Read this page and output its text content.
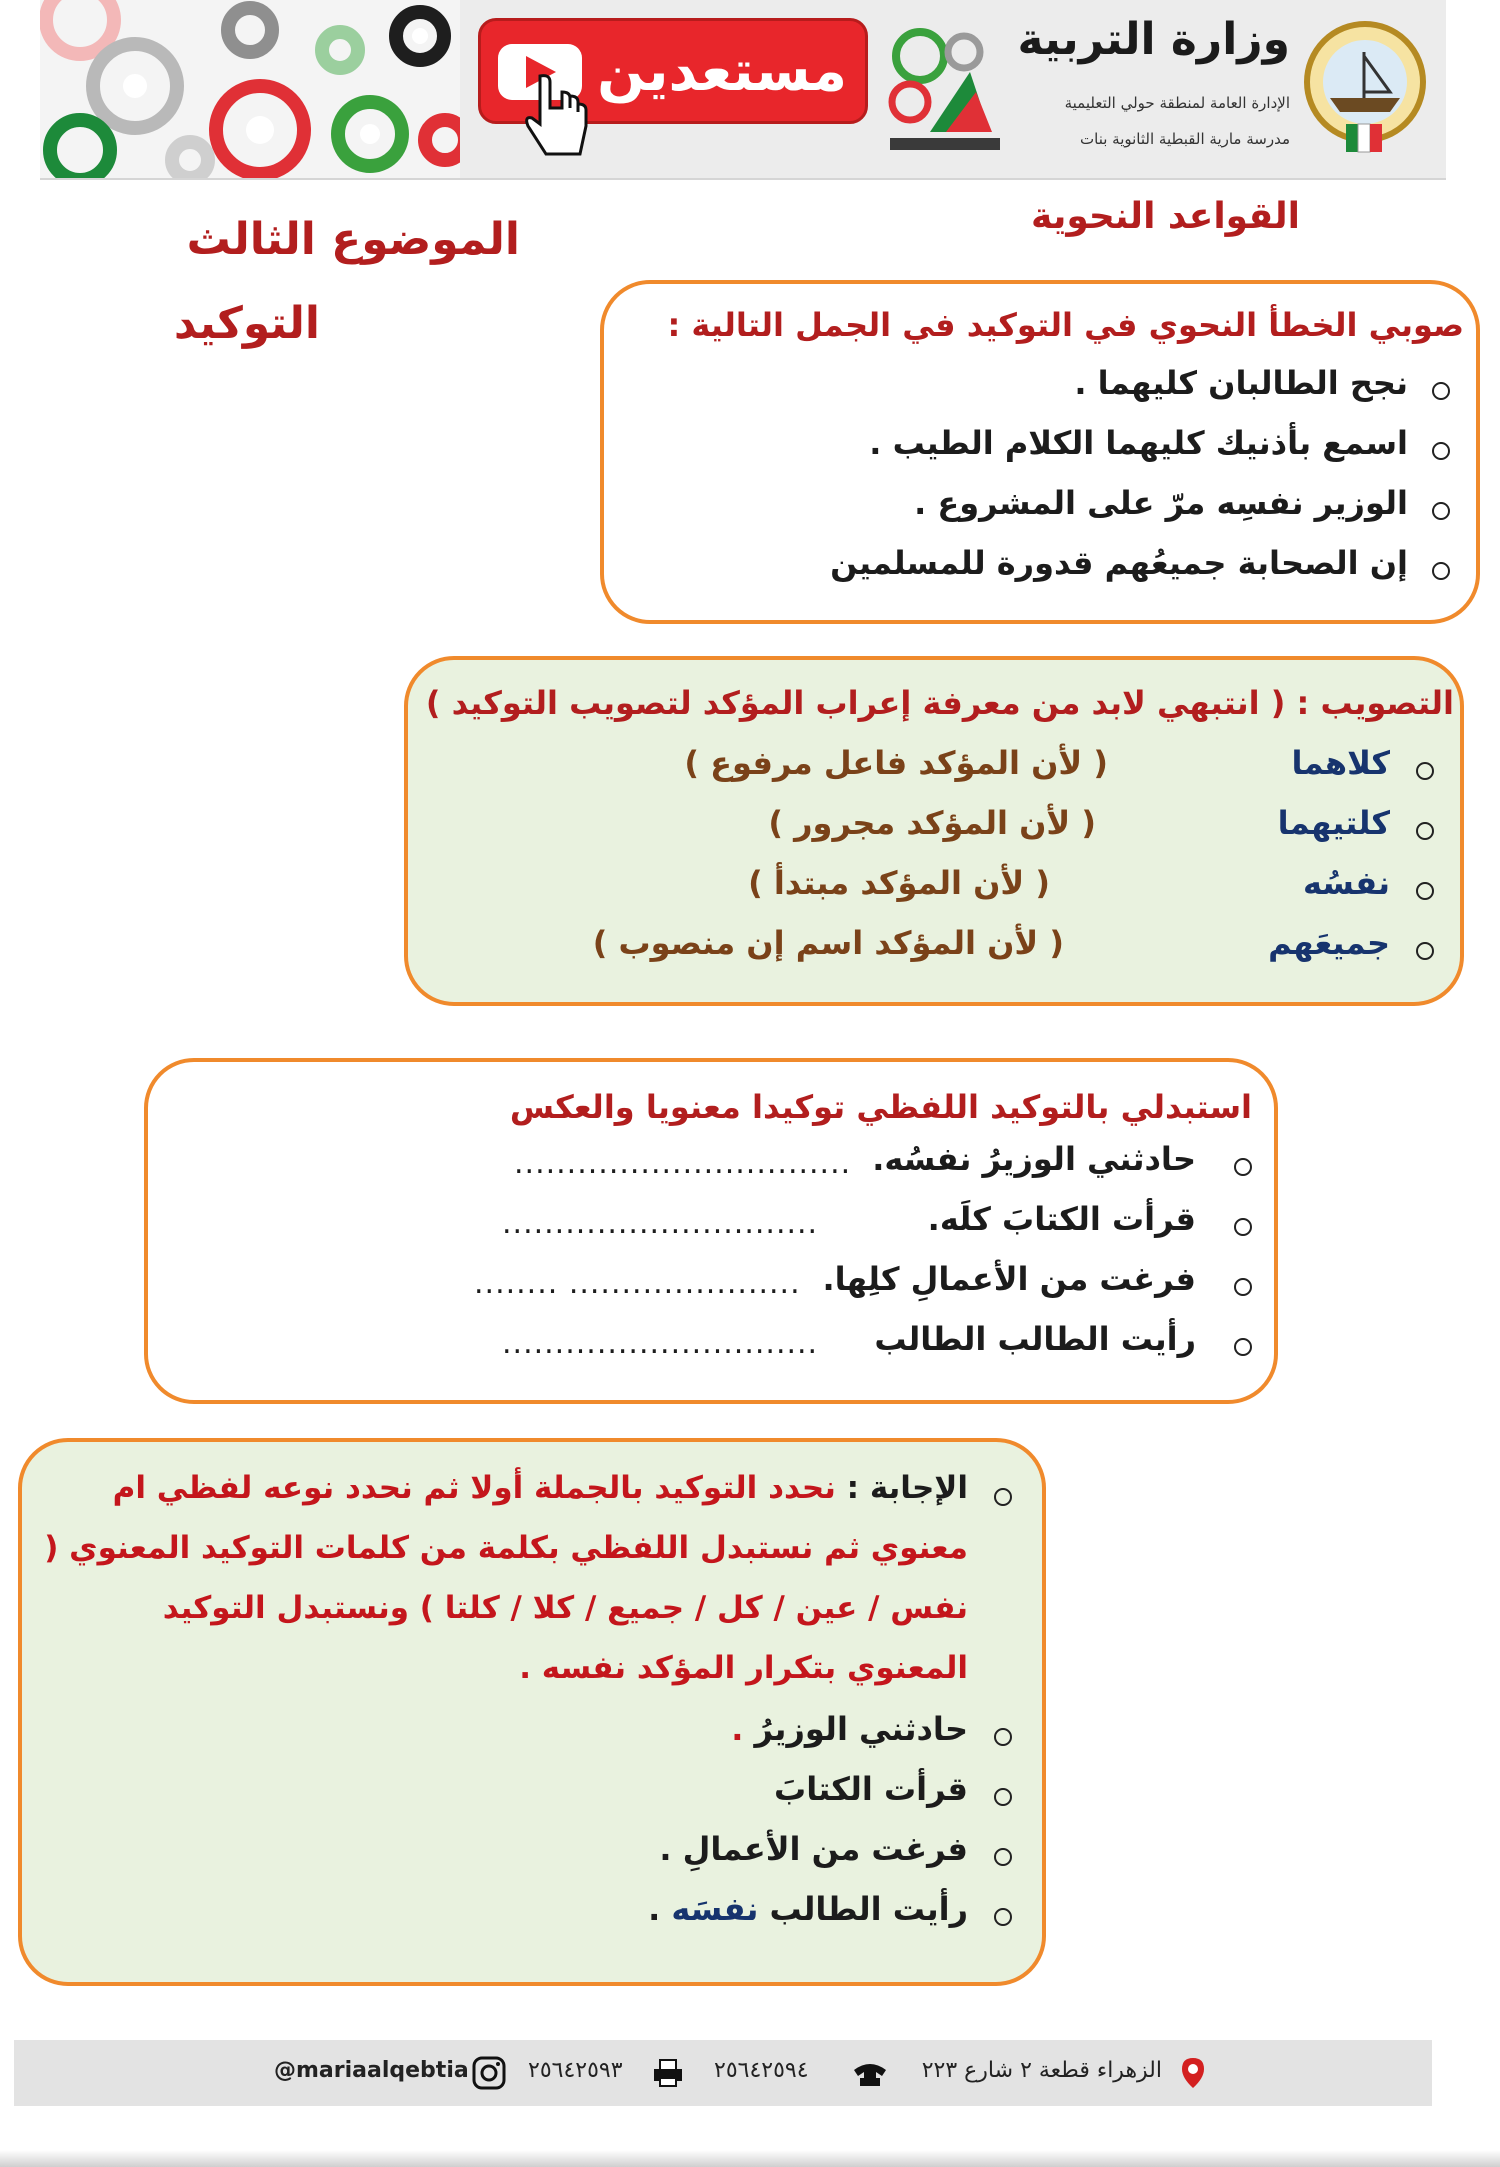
مستعدين	وزارة التربية
الإدارة العامة لمنطقة حولي التعليمية
مدرسة مارية القبطية الثانوية بنات
القواعد النحوية
الموضوع الثالث
التوكيد	صوبي الخطأ النحوي في التوكيد في الجمل التالية :
نجح الطالبان كليهما .
اسمع بأذنيك كليهما الكلام الطيب .
الوزير نفسِه مرّ على المشروع .
إن الصحابة جميعُهم قدورة للمسلمين
التصويب : ( انتبهي لابد من معرفة إعراب المؤكد لتصويب التوكيد )
كلاهما
( لأن المؤكد فاعل مرفوع )
كلتيهما
( لأن المؤكد مجرور )
نفسُه
( لأن المؤكد مبتدأ )
جميعَهم
( لأن المؤكد اسم إن منصوب )
استبدلي بالتوكيد اللفظي توكيدا معنويا والعكس
حادثني الوزيرُ نفسُه.
................................
قرأت الكتابَ كلَه.
..............................
فرغت من الأعمالِ كلِها.
........ ......................
رأيت الطالب الطالب
..............................
الإجابة : نحدد التوكيد بالجملة أولا ثم نحدد نوعه لفظي ام
معنوي ثم نستبدل اللفظي بكلمة من كلمات التوكيد المعنوي (
نفس / عين / كل / جميع / كلا / كلتا ) ونستبدل التوكيد
المعنوي بتكرار المؤكد نفسه .
حادثني الوزيرُ .
قرأت الكتابَ
فرغت من الأعمالِ .
رأيت الطالب نفسَه .
الزهراء قطعة ٢ شارع ٢٢٣
٢٥٦٤٢٥٩٤
٢٥٦٤٢٥٩٣
@mariaalqebtia
